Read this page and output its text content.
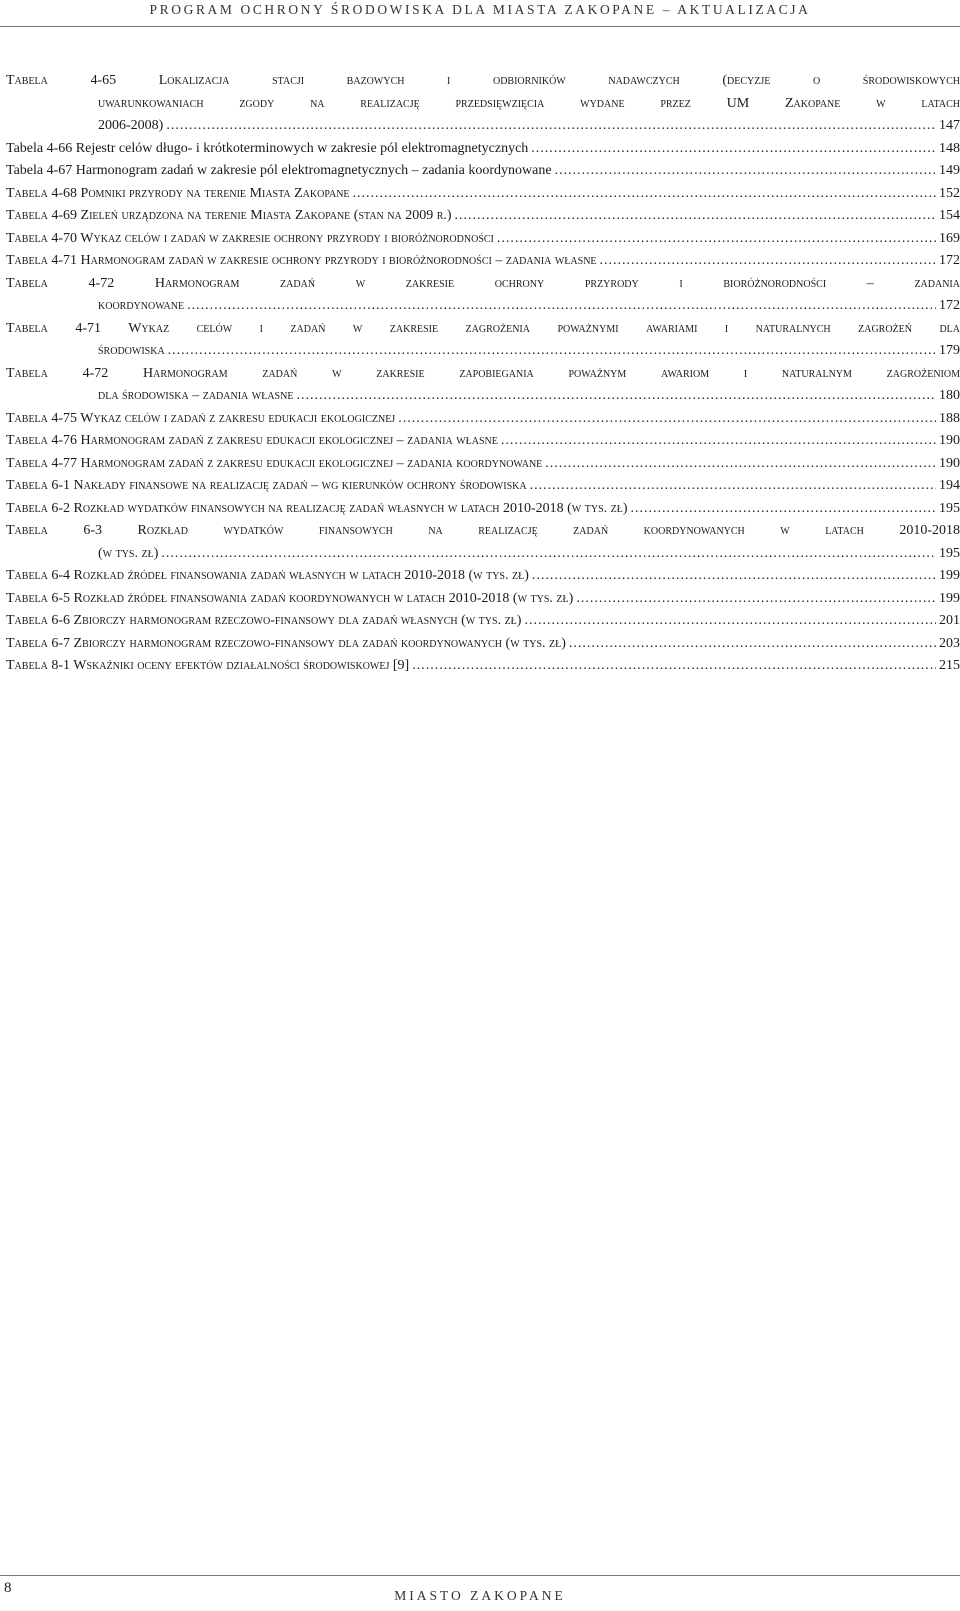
PROGRAM OCHRONY ŚRODOWISKA DLA MIASTA ZAKOPANE – AKTUALIZACJA
Tabela 4-65 Lokalizacja stacji bazowych i odbiorników nadawczych (decyzje o środowiskowych
uwarunkowaniach zgody na realizację przedsięwzięcia wydane przez UM Zakopane w latach
2006-2008) .....	147
Tabela 4-66 Rejestr celów długo- i krótkoterminowych w zakresie pól elektromagnetycznych .....	148
Tabela 4-67 Harmonogram zadań w zakresie pól elektromagnetycznych – zadania koordynowane .....	149
Tabela 4-68 Pomniki przyrody na terenie Miasta Zakopane .....	152
Tabela 4-69 Zieleń urządzona na terenie Miasta Zakopane (stan na 2009 r.) .....	154
Tabela 4-70 Wykaz celów i zadań w zakresie ochrony przyrody i bioróżnorodności .....	169
Tabela 4-71 Harmonogram zadań w zakresie ochrony przyrody i bioróżnorodności – zadania własne .....	172
Tabela 4-72 Harmonogram zadań w zakresie ochrony przyrody i bioróżnorodności – zadania
koordynowane .....	172
Tabela 4-71 Wykaz celów i zadań w zakresie zagrożenia poważnymi awariami i naturalnych zagrożeń dla
środowiska .....	179
Tabela 4-72 Harmonogram zadań w zakresie zapobiegania poważnym awariom i naturalnym zagrożeniom
dla środowiska – zadania własne .....	180
Tabela 4-75 Wykaz celów i zadań z zakresu edukacji ekologicznej .....	188
Tabela 4-76 Harmonogram zadań z zakresu edukacji ekologicznej – zadania własne .....	190
Tabela 4-77 Harmonogram zadań z zakresu edukacji ekologicznej – zadania koordynowane .....	190
Tabela 6-1 Nakłady finansowe na realizację zadań – wg kierunków ochrony środowiska .....	194
Tabela 6-2 Rozkład wydatków finansowych na realizację zadań własnych w latach 2010-2018 (w tys. zł) .....	195
Tabela 6-3 Rozkład wydatków finansowych na realizację zadań koordynowanych w latach 2010-2018
(w tys. zł) .....	195
Tabela 6-4 Rozkład źródeł finansowania zadań własnych w latach 2010-2018 (w tys. zł) .....	199
Tabela 6-5 Rozkład źródeł finansowania zadań koordynowanych w latach 2010-2018 (w tys. zł) .....	199
Tabela 6-6 Zbiorczy harmonogram rzeczowo-finansowy dla zadań własnych (w tys. zł) .....	201
Tabela 6-7 Zbiorczy harmonogram rzeczowo-finansowy dla zadań koordynowanych (w tys. zł) .....	203
Tabela 8-1 Wskaźniki oceny efektów działalności środowiskowej [9] .....	215
8	MIASTO ZAKOPANE
